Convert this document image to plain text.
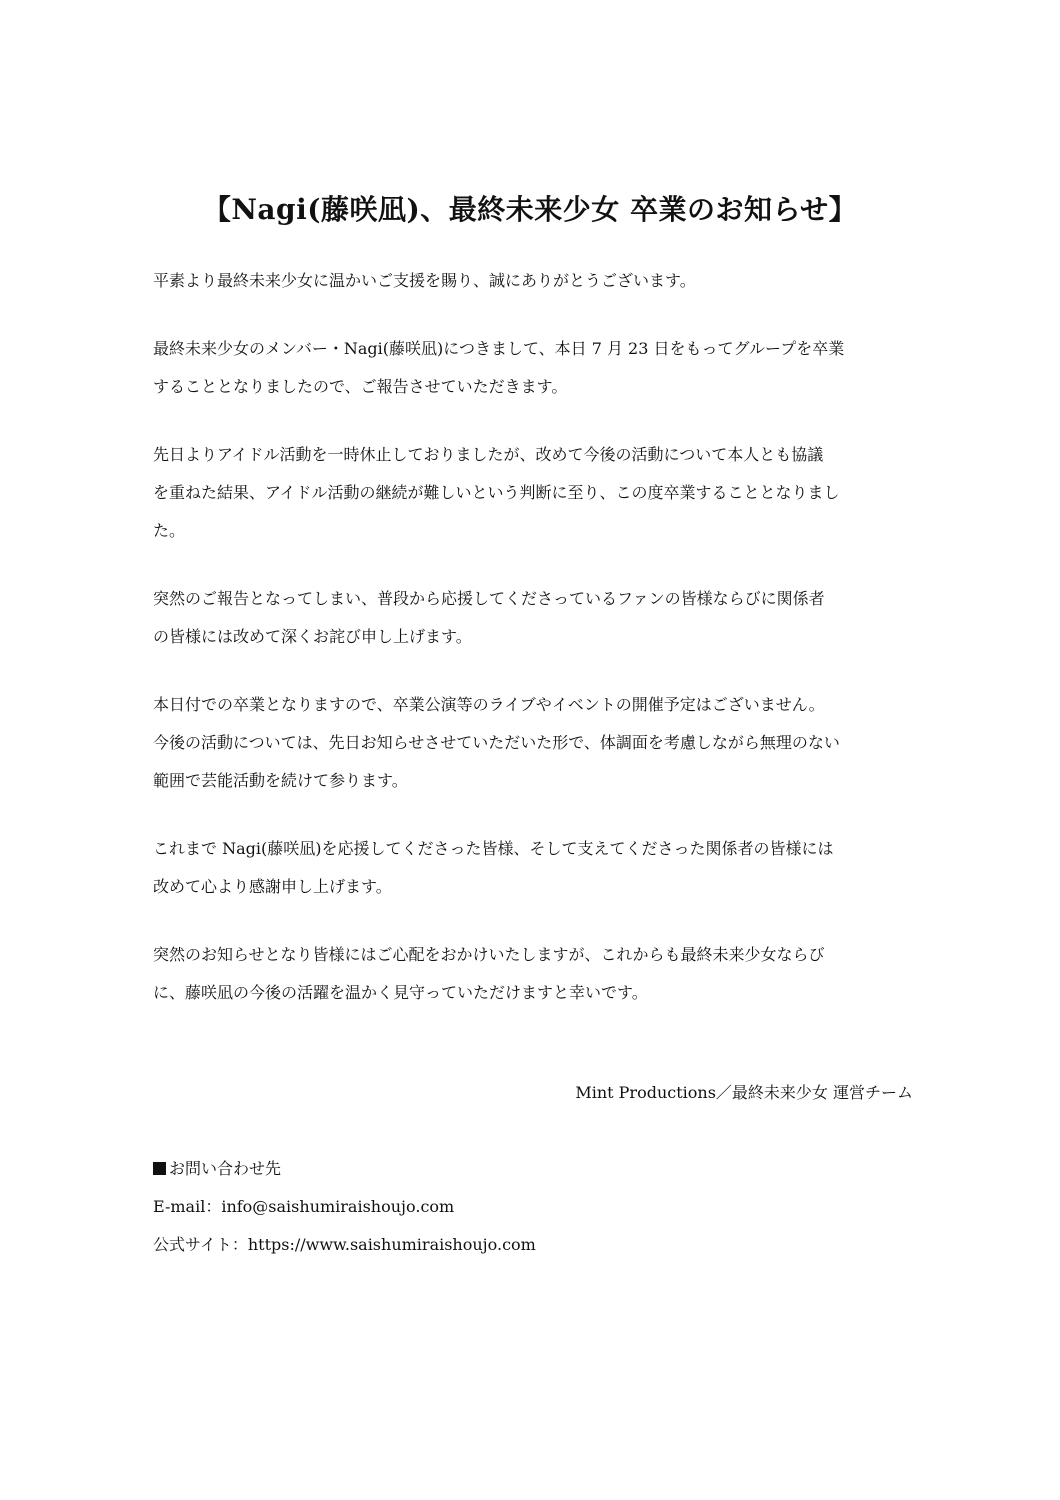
【Nagi(藤咲凪)、最終未来少女 卒業のお知らせ】

平素より最終未来少女に温かいご支援を賜り、誠にありがとうございます。

最終未来少女のメンバー・Nagi(藤咲凪)につきまして、本日 7 月 23 日をもってグループを卒業
することとなりましたので、ご報告させていただきます。

先日よりアイドル活動を一時休止しておりましたが、改めて今後の活動について本人とも協議
を重ねた結果、アイドル活動の継続が難しいという判断に至り、この度卒業することとなりまし
た。

突然のご報告となってしまい、普段から応援してくださっているファンの皆様ならびに関係者
の皆様には改めて深くお詫び申し上げます。

本日付での卒業となりますので、卒業公演等のライブやイベントの開催予定はございません。
今後の活動については、先日お知らせさせていただいた形で、体調面を考慮しながら無理のない
範囲で芸能活動を続けて参ります。

これまで Nagi(藤咲凪)を応援してくださった皆様、そして支えてくださった関係者の皆様には
改めて心より感謝申し上げます。

突然のお知らせとなり皆様にはご心配をおかけいたしますが、これからも最終未来少女ならび
に、藤咲凪の今後の活躍を温かく見守っていただけますと幸いです。

Mint Productions／最終未来少女 運営チーム
お問い合わせ先
E-mail：info@saishumiraishoujo.com
公式サイト：https://www.saishumiraishoujo.com
